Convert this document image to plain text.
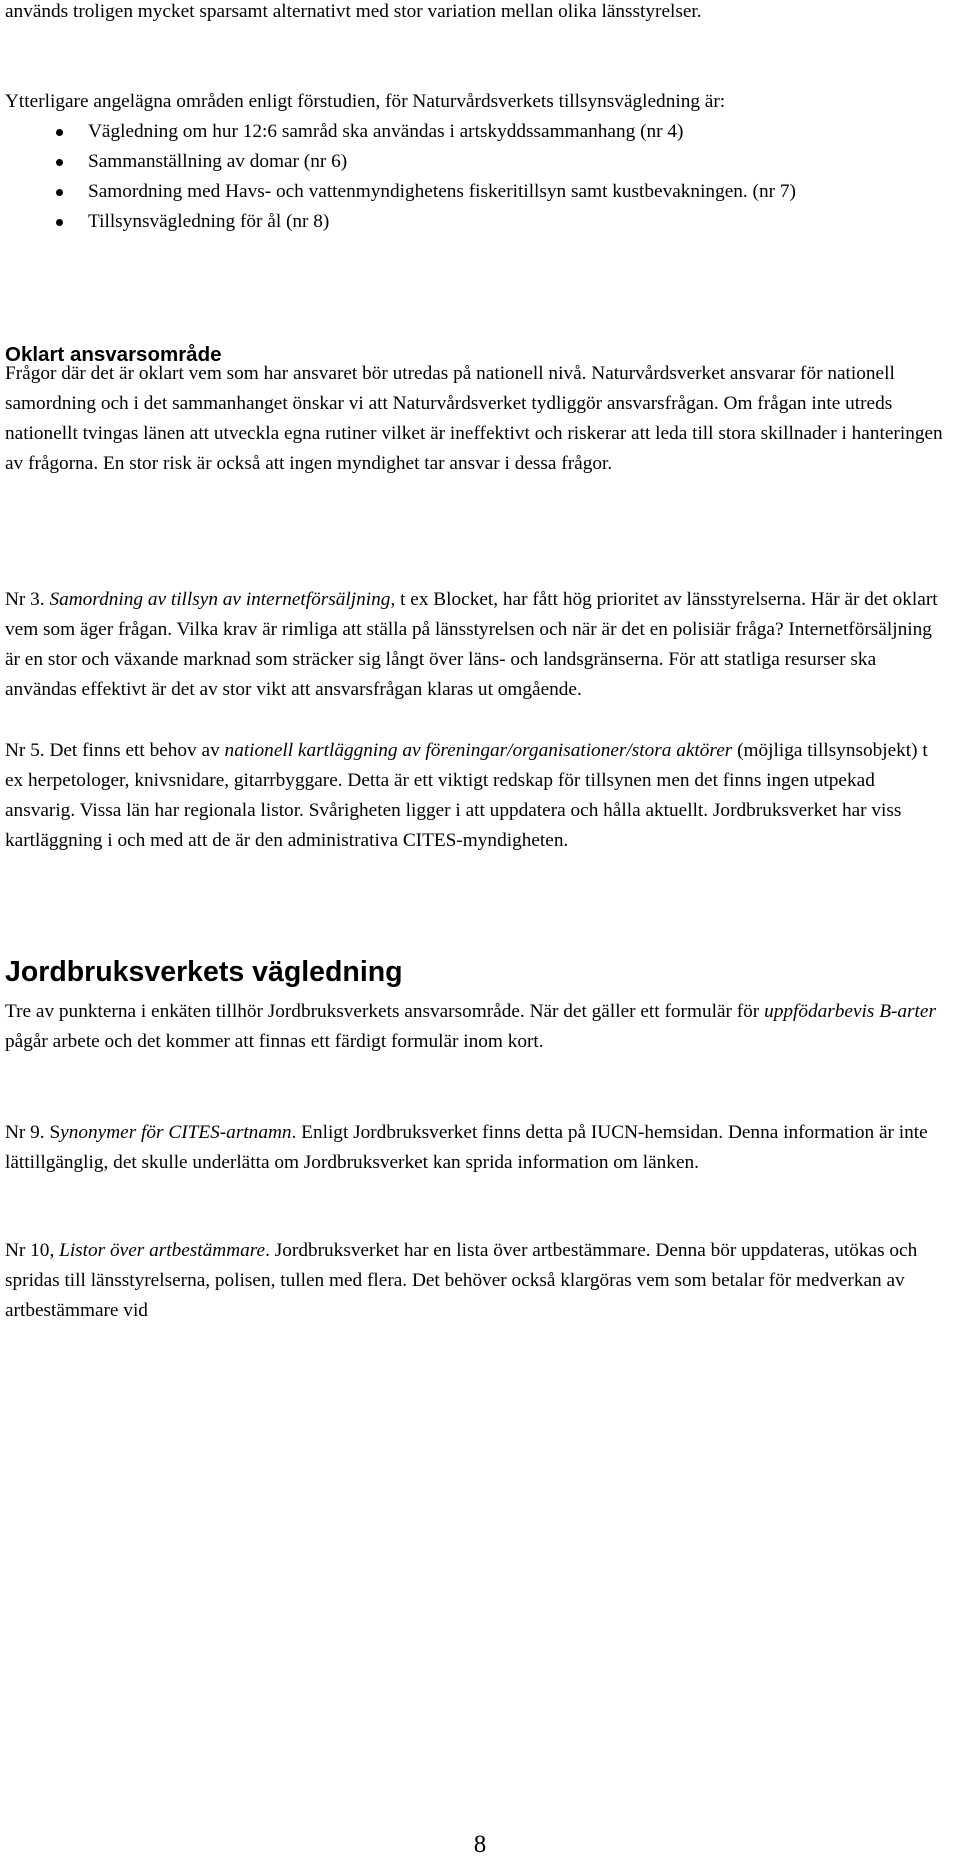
används troligen mycket sparsamt alternativt med stor variation mellan olika länsstyrelser.

Ytterligare angelägna områden enligt förstudien, för Naturvårdsverkets tillsynsvägledning är:

Vägledning om hur 12:6 samråd ska användas i artskyddssammanhang (nr 4)
Sammanställning av domar (nr 6)
Samordning med Havs- och vattenmyndighetens fiskeritillsyn samt kustbevakningen. (nr 7)
Tillsynsvägledning för ål (nr 8)

Oklart ansvarsområde

Frågor där det är oklart vem som har ansvaret bör utredas på nationell nivå. Naturvårdsverket ansvarar för nationell samordning och i det sammanhanget önskar vi att Naturvårdsverket tydliggör ansvarsfrågan. Om frågan inte utreds nationellt tvingas länen att utveckla egna rutiner vilket är ineffektivt och riskerar att leda till stora skillnader i hanteringen av frågorna. En stor risk är också att ingen myndighet tar ansvar i dessa frågor.

Nr 3. Samordning av tillsyn av internetförsäljning, t ex Blocket, har fått hög prioritet av länsstyrelserna. Här är det oklart vem som äger frågan. Vilka krav är rimliga att ställa på länsstyrelsen och när är det en polisiär fråga? Internetförsäljning är en stor och växande marknad som sträcker sig långt över läns- och landsgränserna. För att statliga resurser ska användas effektivt är det av stor vikt att ansvarsfrågan klaras ut omgående.

Nr 5. Det finns ett behov av nationell kartläggning av föreningar/organisationer/stora aktörer (möjliga tillsynsobjekt) t ex herpetologer, knivsnidare, gitarrbyggare. Detta är ett viktigt redskap för tillsynen men det finns ingen utpekad ansvarig. Vissa län har regionala listor. Svårigheten ligger i att uppdatera och hålla aktuellt. Jordbruksverket har viss kartläggning i och med att de är den administrativa CITES-myndigheten.

Jordbruksverkets vägledning

Tre av punkterna i enkäten tillhör Jordbruksverkets ansvarsområde. När det gäller ett formulär för uppfödarbevis B-arter pågår arbete och det kommer att finnas ett färdigt formulär inom kort.

Nr 9. Synonymer för CITES-artnamn. Enligt Jordbruksverket finns detta på IUCN-hemsidan. Denna information är inte lättillgänglig, det skulle underlätta om Jordbruksverket kan sprida information om länken.

Nr 10, Listor över artbestämmare. Jordbruksverket har en lista över artbestämmare. Denna bör uppdateras, utökas och spridas till länsstyrelserna, polisen, tullen med flera. Det behöver också klargöras vem som betalar för medverkan av artbestämmare vid

8
